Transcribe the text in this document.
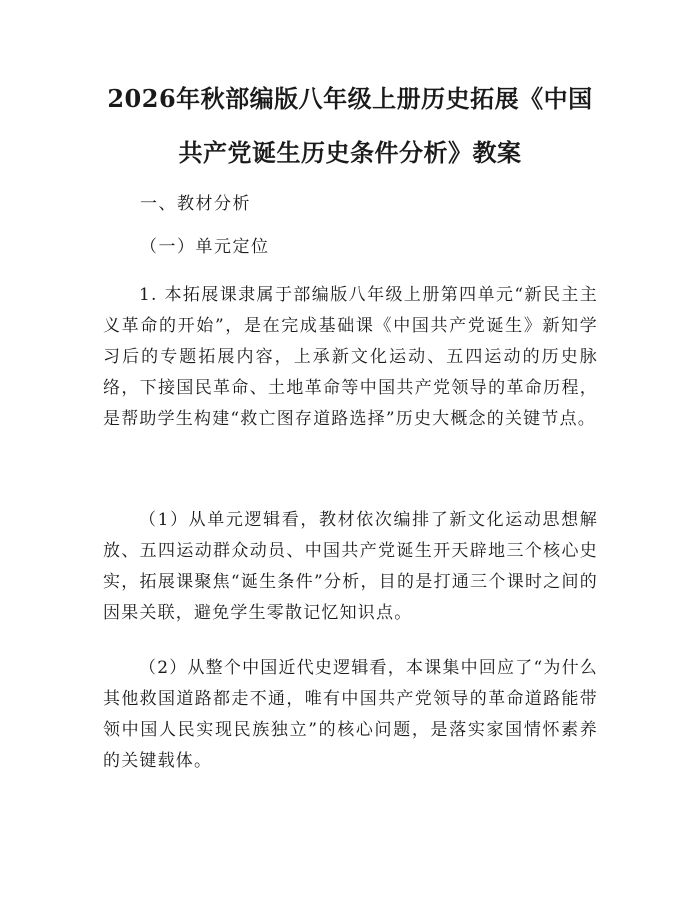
2026年秋部编版八年级上册历史拓展《中国
共产党诞生历史条件分析》教案
一、教材分析
（一）单元定位
1. 本拓展课隶属于部编版八年级上册第四单元“新民主主义革命的开始”，是在完成基础课《中国共产党诞生》新知学习后的专题拓展内容，上承新文化运动、五四运动的历史脉络，下接国民革命、土地革命等中国共产党领导的革命历程，是帮助学生构建“救亡图存道路选择”历史大概念的关键节点。
（1）从单元逻辑看，教材依次编排了新文化运动思想解放、五四运动群众动员、中国共产党诞生开天辟地三个核心史实，拓展课聚焦“诞生条件”分析，目的是打通三个课时之间的因果关联，避免学生零散记忆知识点。
（2）从整个中国近代史逻辑看，本课集中回应了“为什么其他救国道路都走不通，唯有中国共产党领导的革命道路能带领中国人民实现民族独立”的核心问题，是落实家国情怀素养的关键载体。
